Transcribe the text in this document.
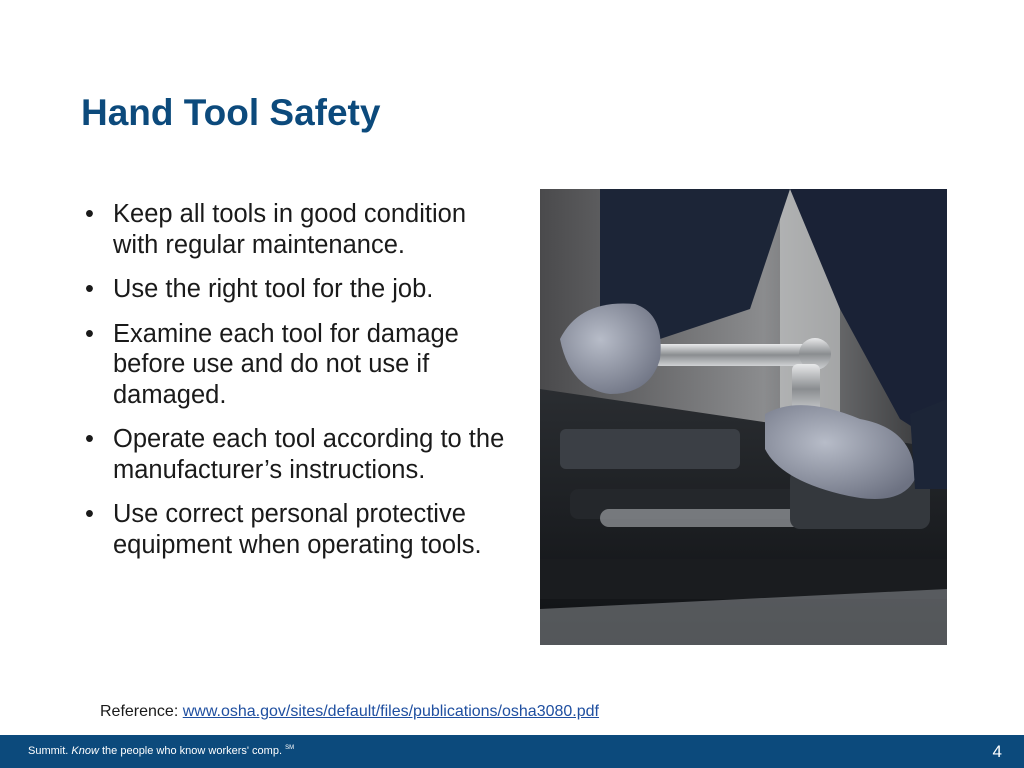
Hand Tool Safety
• Keep all tools in good condition with regular maintenance.
• Use the right tool for the job.
• Examine each tool for damage before use and do not use if damaged.
• Operate each tool according to the manufacturer’s instructions.
• Use correct personal protective equipment when operating tools.
Reference: www.osha.gov/sites/default/files/publications/osha3080.pdf
Summit. Know the people who know workers' comp. ℠	4
